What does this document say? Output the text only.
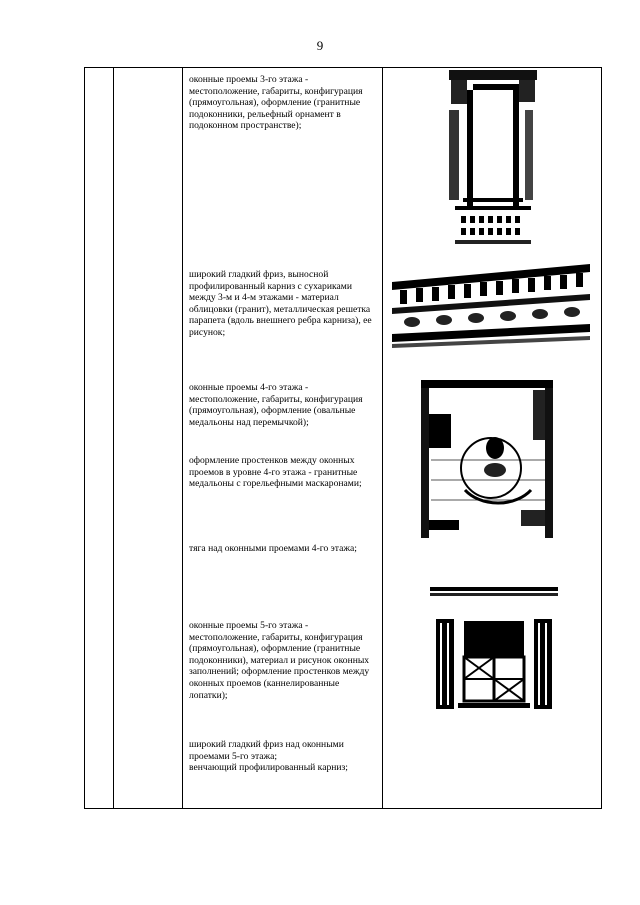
9
оконные проемы 3-го этажа - местоположение, габариты, конфигурация (прямоугольная), оформление (гранитные подоконники, рельефный орнамент в подоконном пространстве);
широкий гладкий фриз, выносной профилированный карниз с сухариками между 3-м и 4-м этажами - материал облицовки (гранит), металлическая решетка парапета (вдоль внешнего ребра карниза), ее рисунок;
оконные проемы 4-го этажа - местоположение, габариты, конфигурация (прямоугольная), оформление (овальные медальоны над перемычкой);
оформление простенков между оконных проемов в уровне 4-го этажа - гранитные медальоны с горельефными маскаронами;
тяга над оконными проемами 4-го этажа;
оконные проемы 5-го этажа - местоположение, габариты, конфигурация (прямоугольная), оформление (гранитные подоконники), материал и рисунок оконных заполнений; оформление простенков между оконных проемов (каннелированные лопатки);
широкий гладкий фриз над оконными проемами 5-го этажа;
венчающий профилированный карниз;
